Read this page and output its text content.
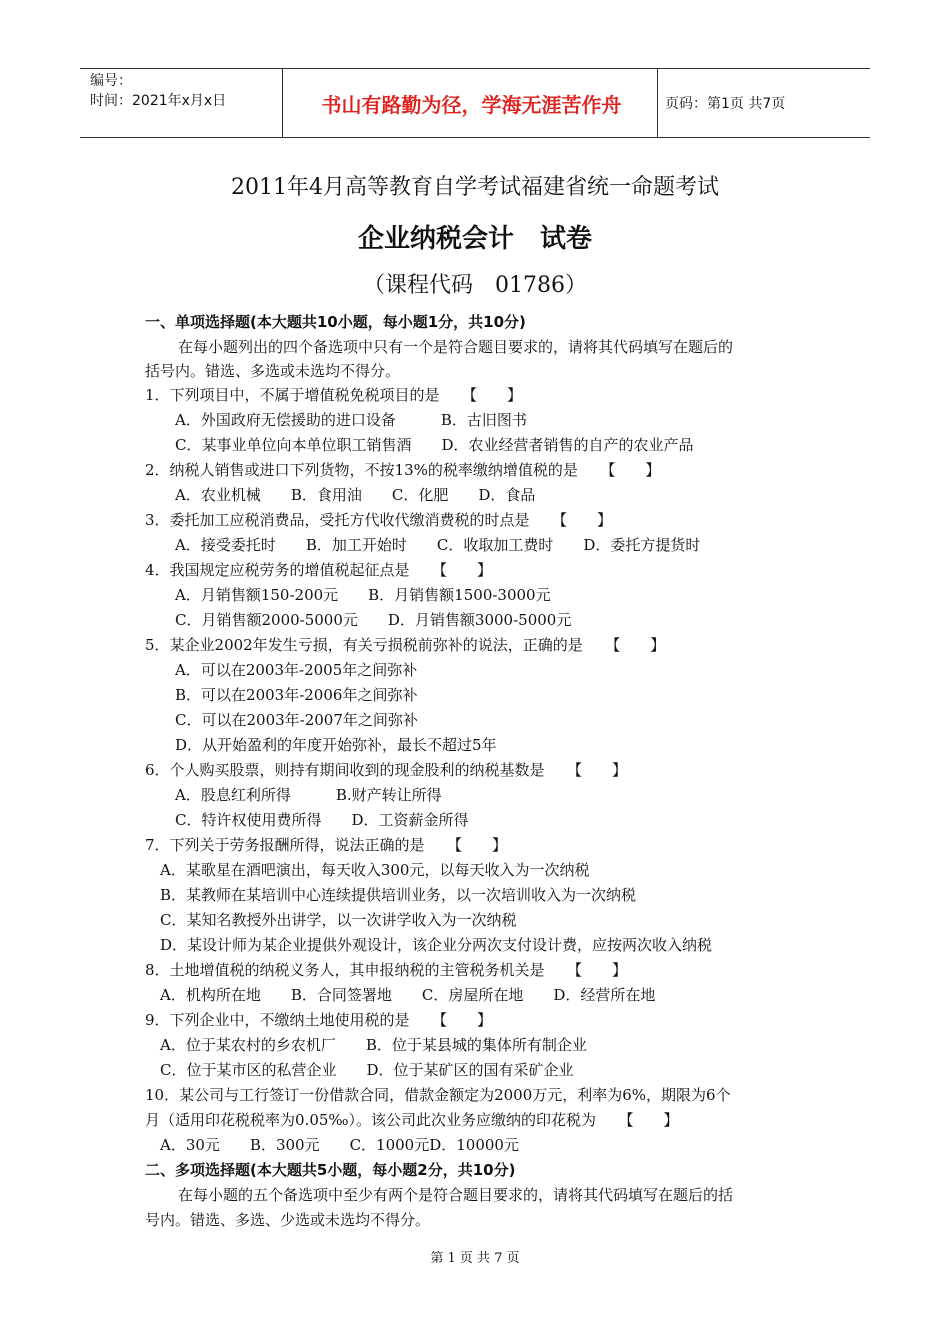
编号：
时间：2021年x月x日	书山有路勤为径，学海无涯苦作舟	页码：第1页 共7页
2011年4月高等教育自学考试福建省统一命题考试
企业纳税会计　试卷
（课程代码　01786）
一、单项选择题(本大题共10小题，每小题1分，共10分)
在每小题列出的四个备选项中只有一个是符合题目要求的，请将其代码填写在题后的
括号内。错选、多选或未选均不得分。
1．下列项目中，不属于增值税免税项目的是　　【　　】
A．外国政府无偿援助的进口设备　　　B．古旧图书
C．某事业单位向本单位职工销售酒　　D．农业经营者销售的自产的农业产品
2．纳税人销售或进口下列货物，不按13%的税率缴纳增值税的是　　【　　】
A．农业机械　　B．食用油　　C．化肥　　D．食品
3．委托加工应税消费品，受托方代收代缴消费税的时点是　　【　　】
A．接受委托时　　B．加工开始时　　C．收取加工费时　　D．委托方提货时
4．我国规定应税劳务的增值税起征点是　　【　　】
A．月销售额150-200元　　B．月销售额1500-3000元
C．月销售额2000-5000元　　D．月销售额3000-5000元
5．某企业2002年发生亏损，有关亏损税前弥补的说法，正确的是　　【　　】
A．可以在2003年-2005年之间弥补
B．可以在2003年-2006年之间弥补
C．可以在2003年-2007年之间弥补
D．从开始盈利的年度开始弥补，最长不超过5年
6．个人购买股票，则持有期间收到的现金股利的纳税基数是　　【　　】
A．股息红利所得　　　B.财产转让所得
C．特许权使用费所得　　D．工资薪金所得
7．下列关于劳务报酬所得，说法正确的是　　【　　】
A．某歌星在酒吧演出，每天收入300元，以每天收入为一次纳税
B．某教师在某培训中心连续提供培训业务，以一次培训收入为一次纳税
C．某知名教授外出讲学，以一次讲学收入为一次纳税
D．某设计师为某企业提供外观设计，该企业分两次支付设计费，应按两次收入纳税
8．土地增值税的纳税义务人，其申报纳税的主管税务机关是　　【　　】
A．机构所在地　　B．合同签署地　　C．房屋所在地　　D．经营所在地
9．下列企业中，不缴纳土地使用税的是　　【　　】
A．位于某农村的乡农机厂　　B．位于某县城的集体所有制企业
C．位于某市区的私营企业　　D．位于某矿区的国有采矿企业
10．某公司与工行签订一份借款合同，借款金额定为2000万元，利率为6%，期限为6个
月（适用印花税税率为0.05‰）。该公司此次业务应缴纳的印花税为　　【　　】
A．30元　　B．300元　　C．1000元D．10000元
二、多项选择题(本大题共5小题，每小题2分，共10分)
在每小题的五个备选项中至少有两个是符合题目要求的，请将其代码填写在题后的括
号内。错选、多选、少选或未选均不得分。
第 1 页 共 7 页
